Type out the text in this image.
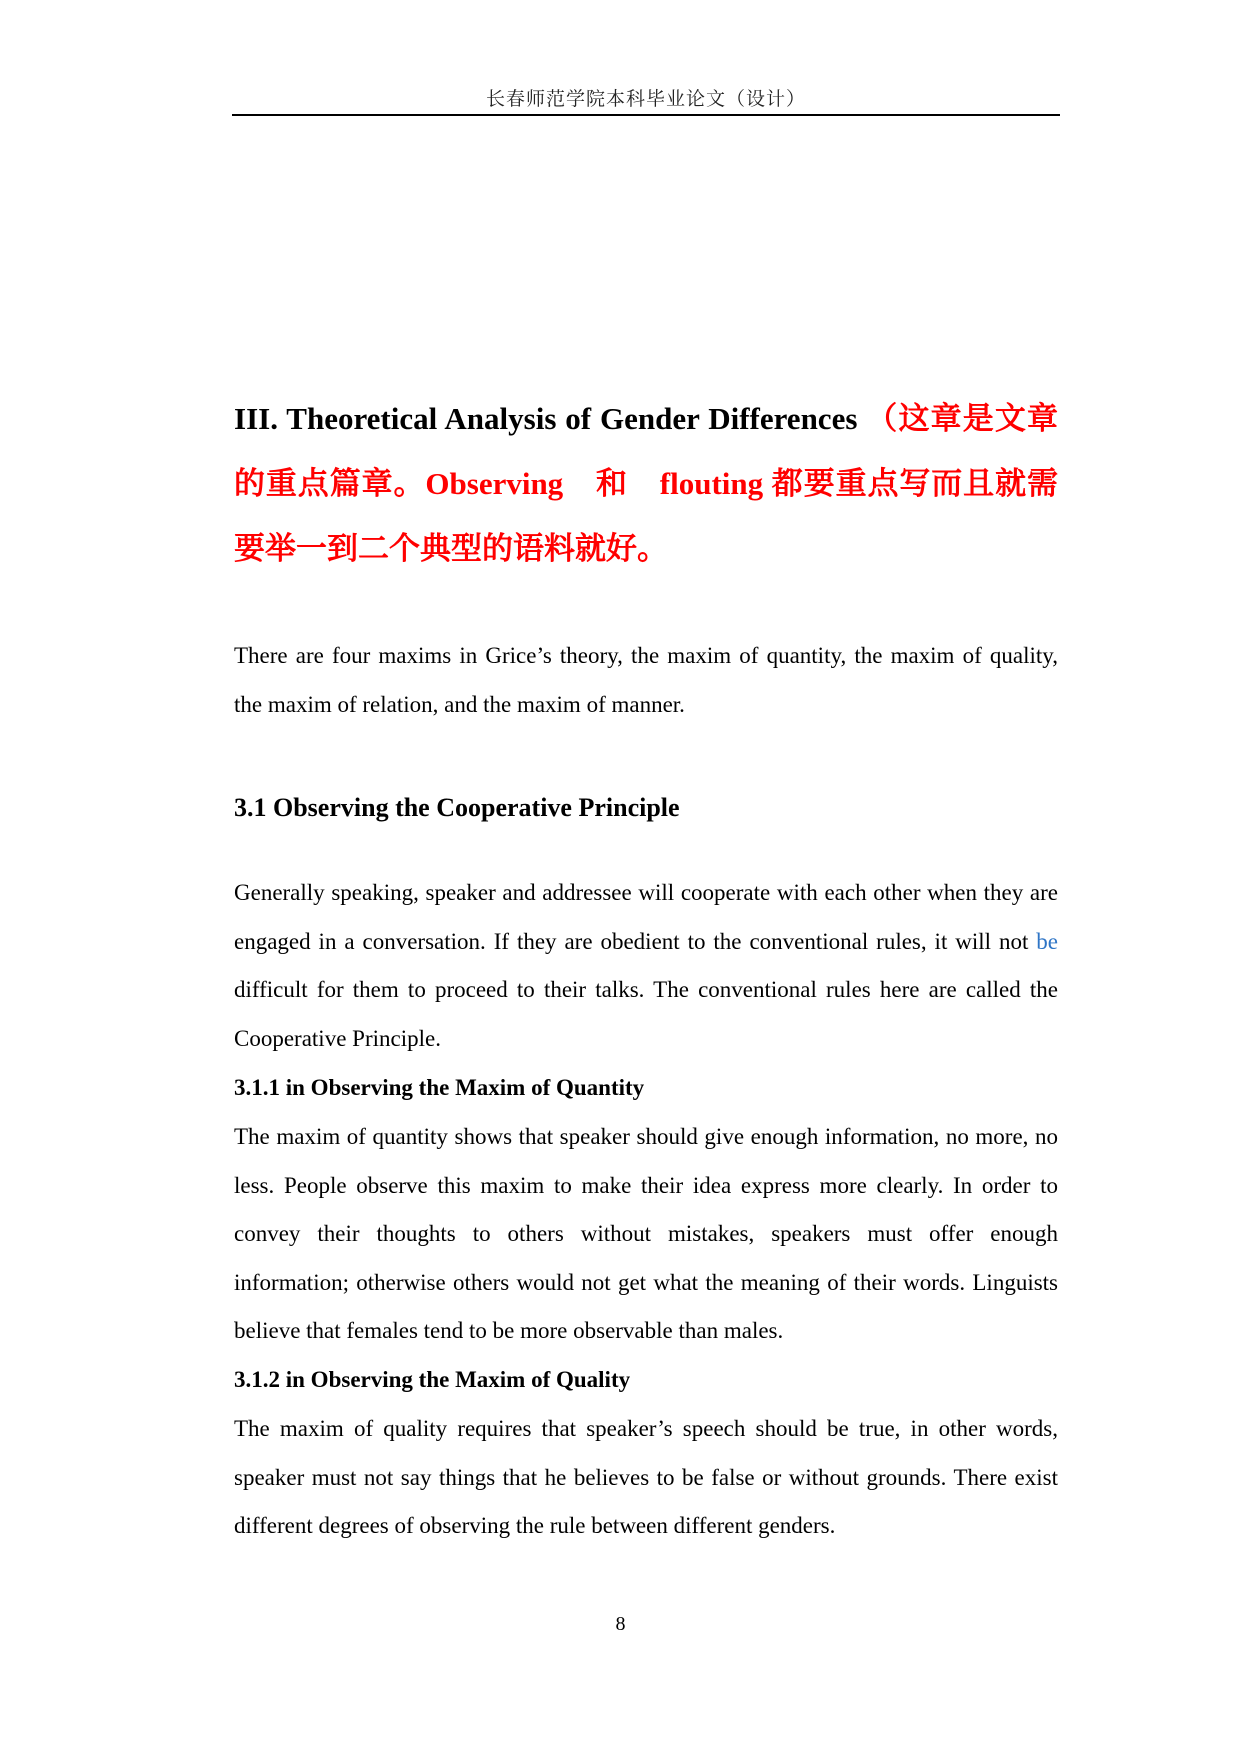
长春师范学院本科毕业论文（设计）
III. Theoretical Analysis of Gender Differences （这章是文章的重点篇章。Observing　和　flouting 都要重点写而且就需要举一到二个典型的语料就好。

There are four maxims in Grice’s theory, the maxim of quantity, the maxim of quality, the maxim of relation, and the maxim of manner.

3.1 Observing the Cooperative Principle

Generally speaking, speaker and addressee will cooperate with each other when they are engaged in a conversation. If they are obedient to the conventional rules, it will not be difficult for them to proceed to their talks. The conventional rules here are called the Cooperative Principle.

3.1.1 in Observing the Maxim of Quantity

The maxim of quantity shows that speaker should give enough information, no more, no less. People observe this maxim to make their idea express more clearly. In order to convey their thoughts to others without mistakes, speakers must offer enough information; otherwise others would not get what the meaning of their words. Linguists believe that females tend to be more observable than males.

3.1.2 in Observing the Maxim of Quality

The maxim of quality requires that speaker’s speech should be true, in other words, speaker must not say things that he believes to be false or without grounds. There exist different degrees of observing the rule between different genders.

8
